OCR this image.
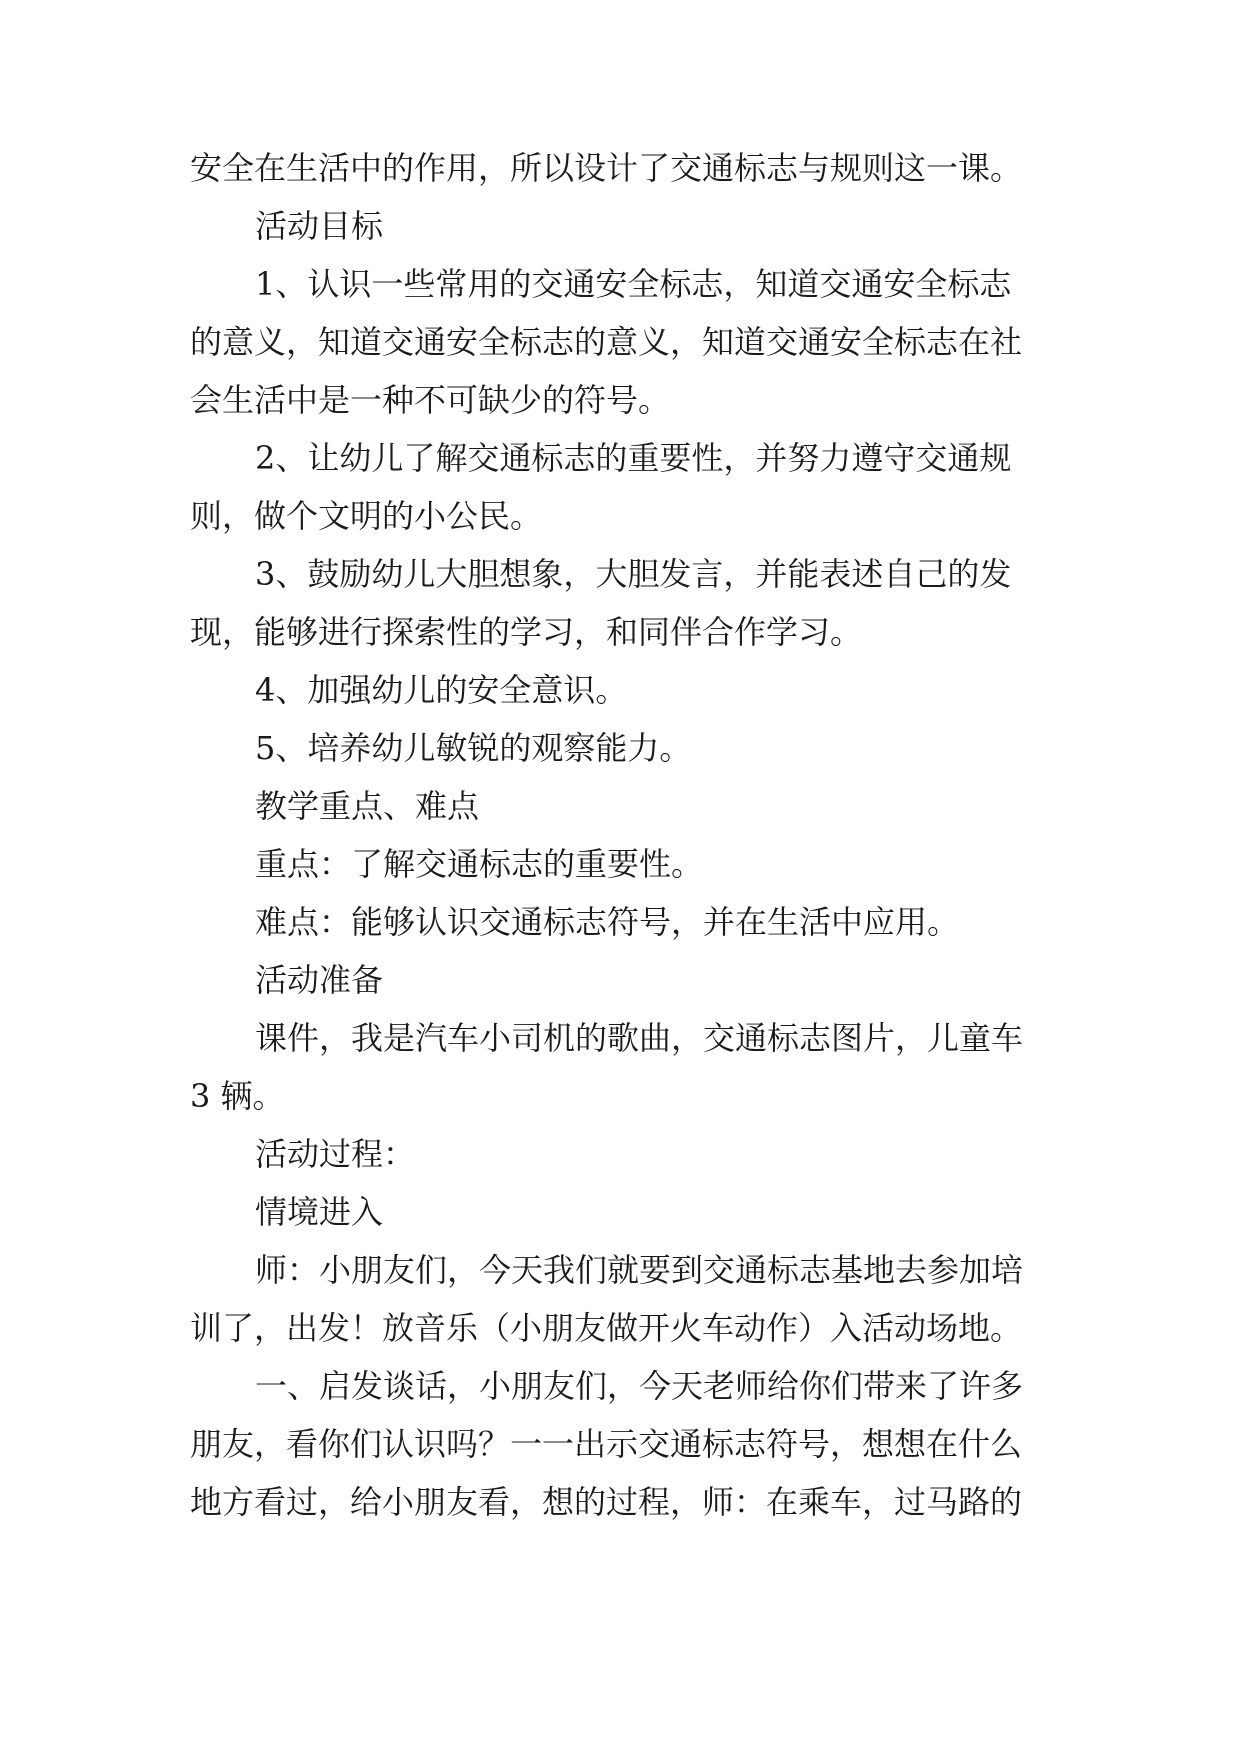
安全在生活中的作用，所以设计了交通标志与规则这一课。

活动目标

1、认识一些常用的交通安全标志，知道交通安全标志

的意义，知道交通安全标志的意义，知道交通安全标志在社

会生活中是一种不可缺少的符号。

2、让幼儿了解交通标志的重要性，并努力遵守交通规

则，做个文明的小公民。

3、鼓励幼儿大胆想象，大胆发言，并能表述自己的发

现，能够进行探索性的学习，和同伴合作学习。

4、加强幼儿的安全意识。

5、培养幼儿敏锐的观察能力。

教学重点、难点

重点：了解交通标志的重要性。

难点：能够认识交通标志符号，并在生活中应用。

活动准备

课件，我是汽车小司机的歌曲，交通标志图片，儿童车

3 辆。

活动过程：

情境进入

师：小朋友们，今天我们就要到交通标志基地去参加培

训了，出发！放音乐（小朋友做开火车动作）入活动场地。

一、启发谈话，小朋友们，今天老师给你们带来了许多

朋友，看你们认识吗？一一出示交通标志符号，想想在什么

地方看过，给小朋友看，想的过程，师：在乘车，过马路的
